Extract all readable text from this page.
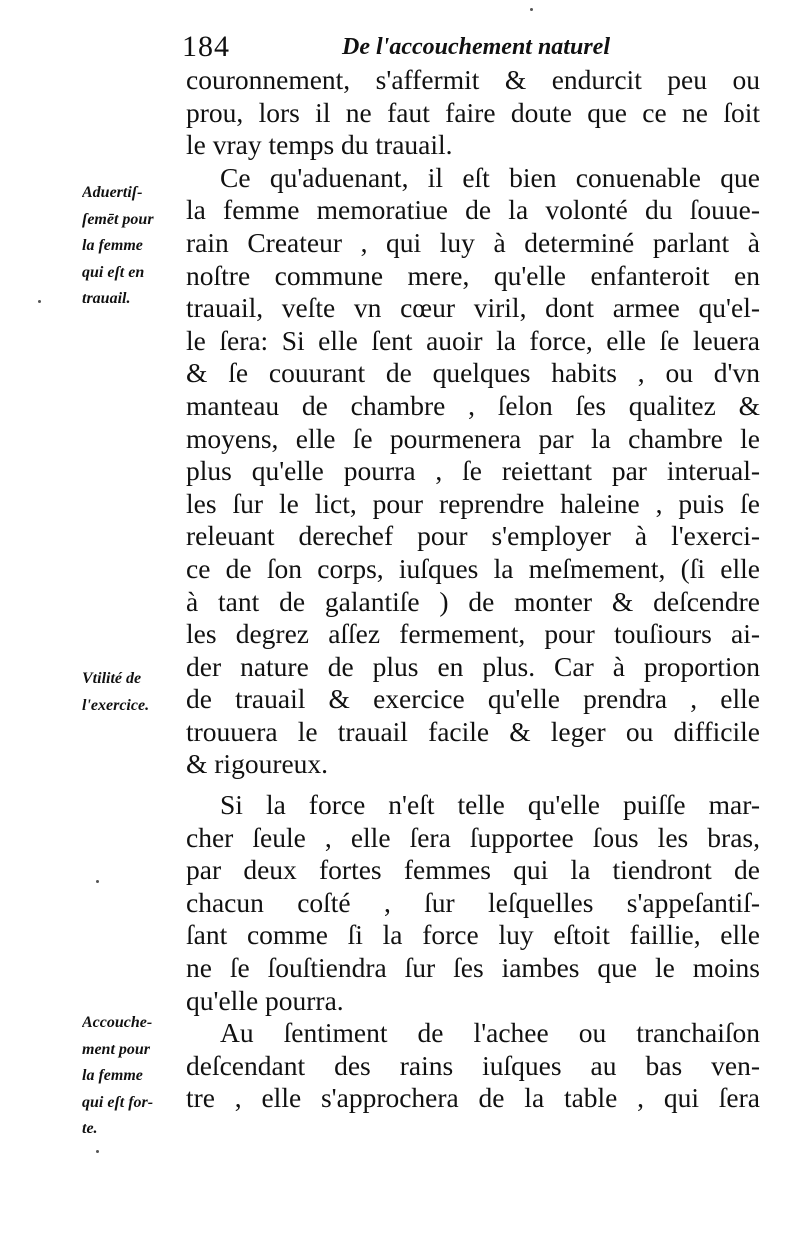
184	De l'accouchement naturel
Aduertiſ-
ſemēt pour
la femme
qui eſt en
trauail.
Vtilité de
l'exercice.
Accouche-
ment pour
la femme
qui eſt for-
te.
couronnement, s'affermit & endurcit peu ou
prou, lors il ne faut faire doute que ce ne ſoit
le vray temps du trauail.
Ce qu'aduenant, il eſt bien conuenable que
la femme memoratiue de la volonté du ſouue-
rain Createur , qui luy à determiné parlant à
noſtre commune mere, qu'elle enfanteroit en
trauail, veſte vn cœur viril, dont armee qu'el-
le ſera: Si elle ſent auoir la force, elle ſe leuera
& ſe couurant de quelques habits , ou d'vn
manteau de chambre , ſelon ſes qualitez &
moyens, elle ſe pourmenera par la chambre le
plus qu'elle pourra , ſe reiettant par interual-
les ſur le lict, pour reprendre haleine , puis ſe
releuant derechef pour s'employer à l'exerci-
ce de ſon corps, iuſques la meſmement, (ſi elle
à tant de galantiſe ) de monter & deſcendre
les degrez aſſez fermement, pour touſiours ai-
der nature de plus en plus. Car à proportion
de trauail & exercice qu'elle prendra , elle
trouuera le trauail facile & leger ou difficile
& rigoureux.
Si la force n'eſt telle qu'elle puiſſe mar-
cher ſeule , elle ſera ſupportee ſous les bras,
par deux fortes femmes qui la tiendront de
chacun coſté , ſur leſquelles s'appeſantiſ-
ſant comme ſi la force luy eſtoit faillie, elle
ne ſe ſouſtiendra ſur ſes iambes que le moins
qu'elle pourra.
Au ſentiment de l'achee ou tranchaiſon
deſcendant des rains iuſques au bas ven-
tre , elle s'approchera de la table , qui ſera
